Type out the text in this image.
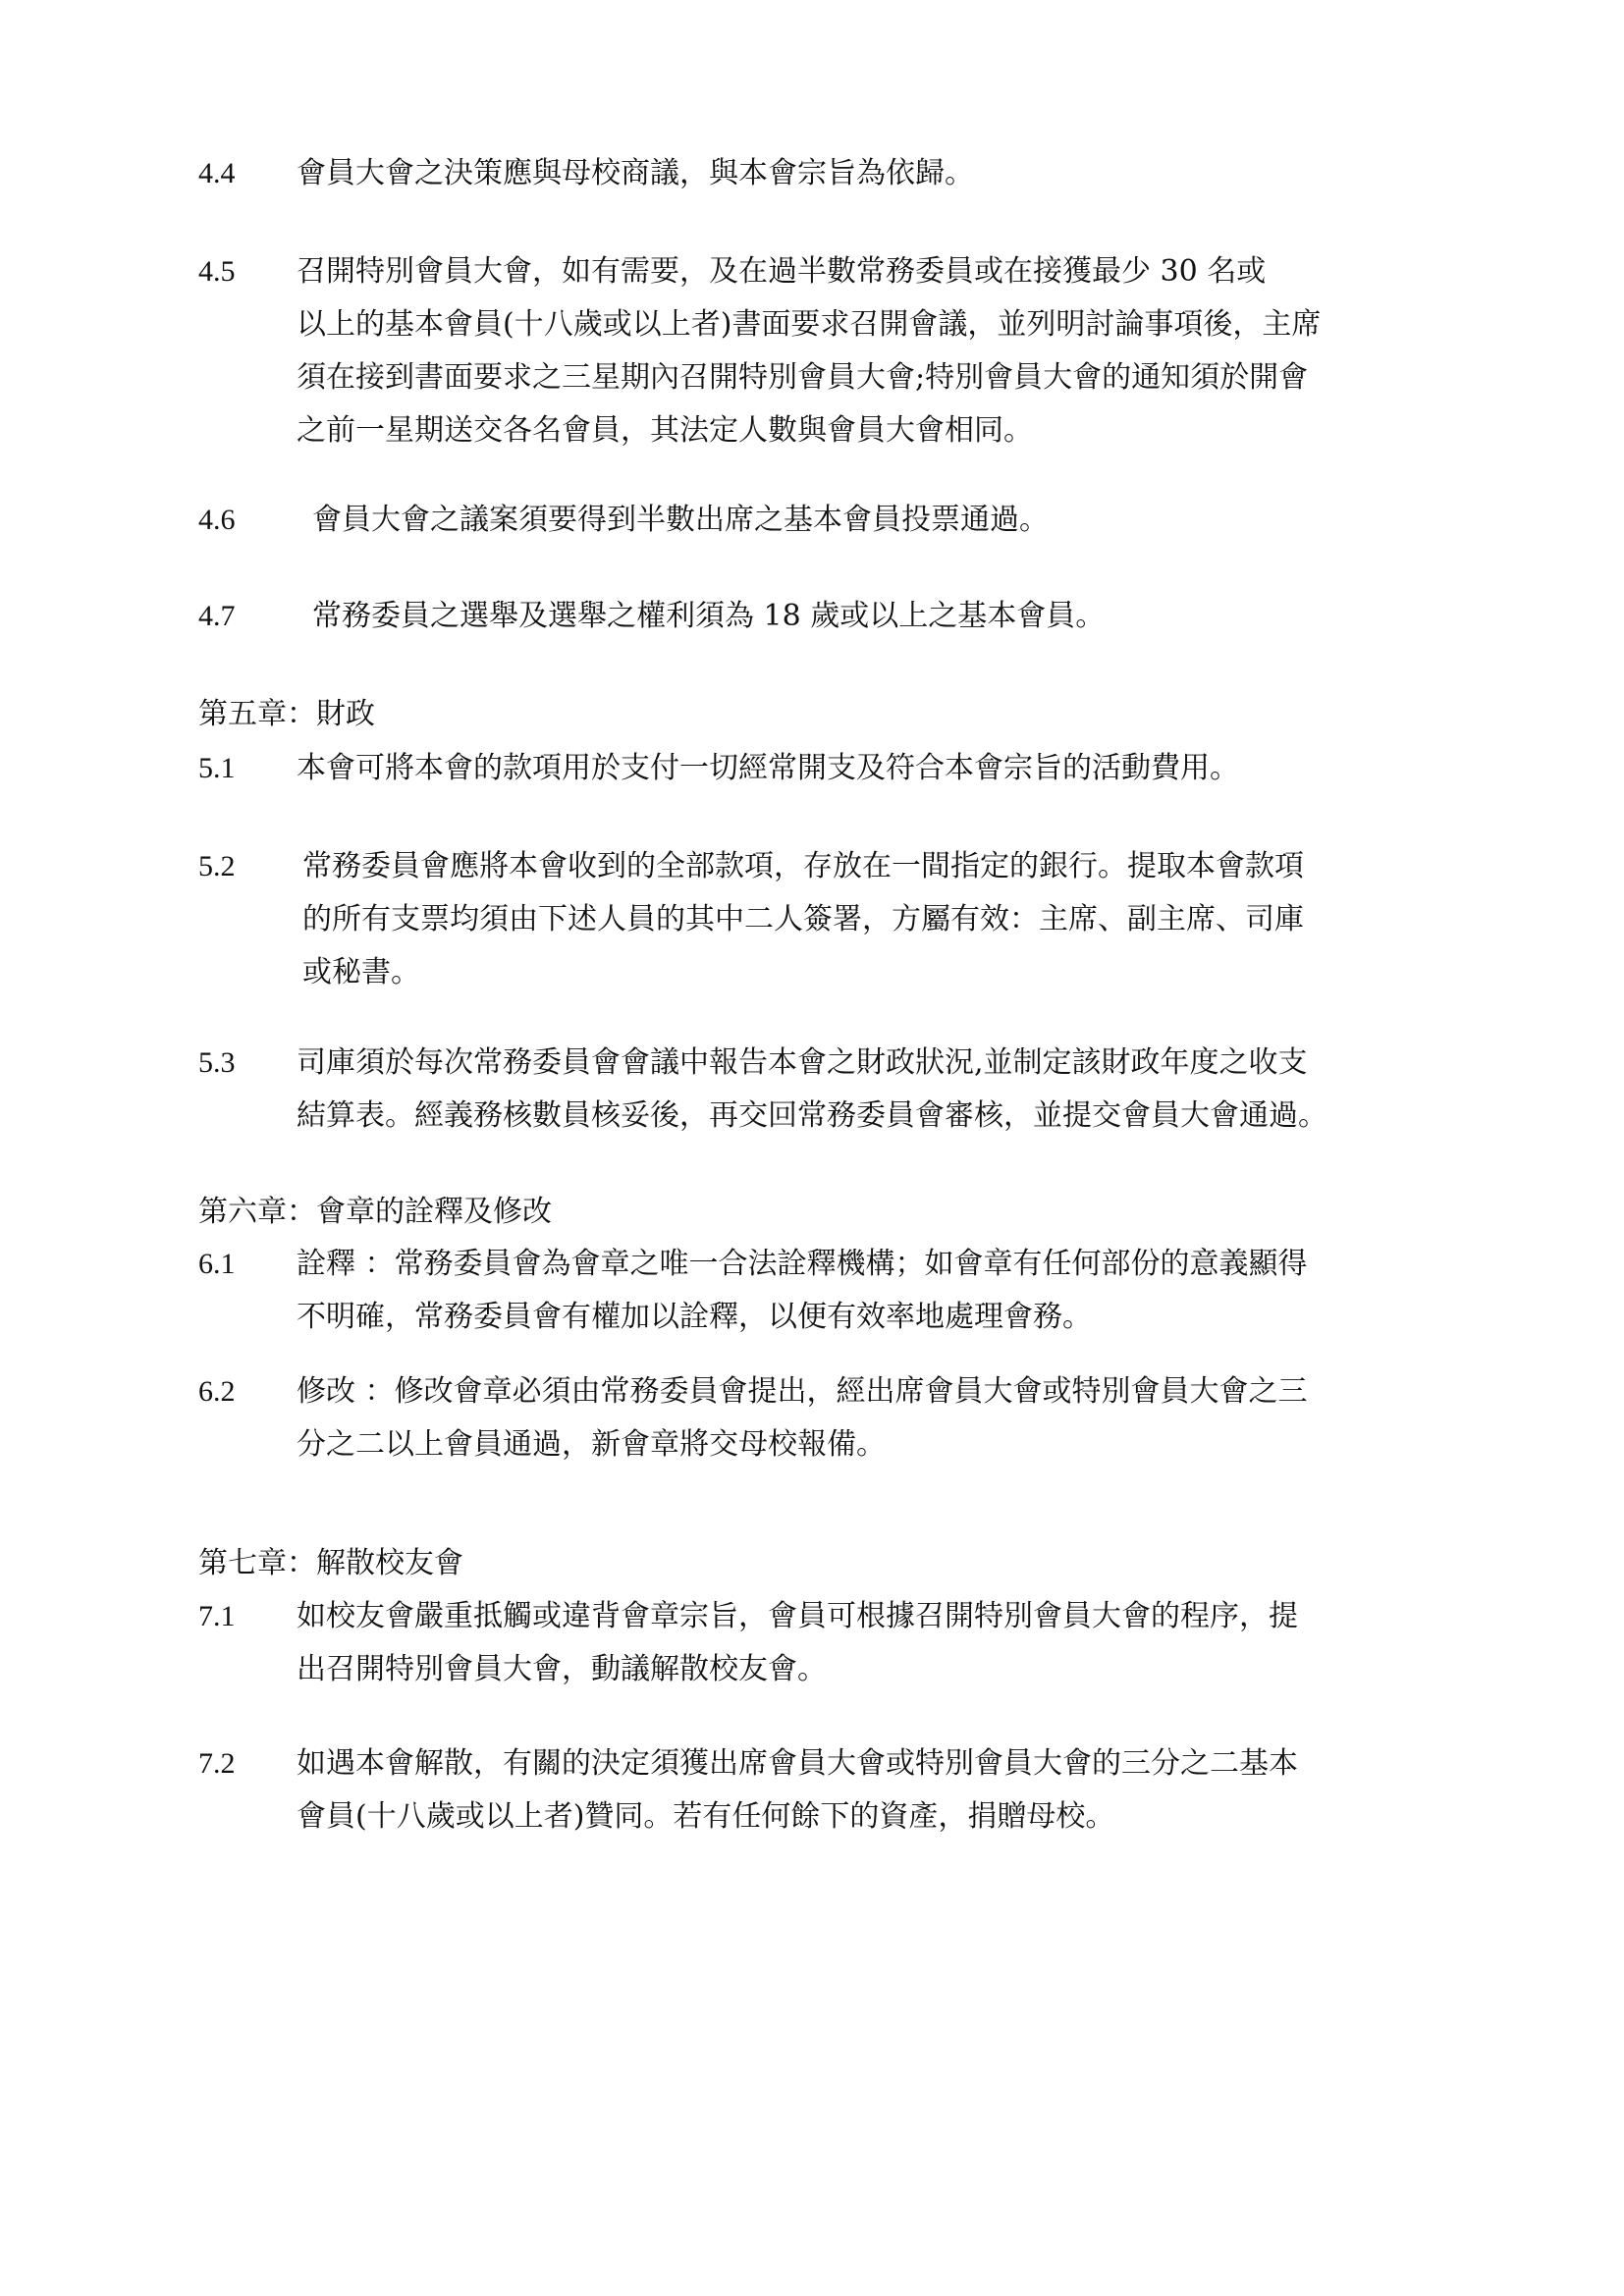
4.4 會員大會之決策應與母校商議，與本會宗旨為依歸。
4.5 召開特別會員大會，如有需要，及在過半數常務委員或在接獲最少 30 名或
以上的基本會員(十八歲或以上者)書面要求召開會議，並列明討論事項後，主席
須在接到書面要求之三星期內召開特別會員大會;特別會員大會的通知須於開會
之前一星期送交各名會員，其法定人數與會員大會相同。
4.6	會員大會之議案須要得到半數出席之基本會員投票通過。
4.7	常務委員之選舉及選舉之權利須為 18 歲或以上之基本會員。
第五章：財政
5.1 本會可將本會的款項用於支付一切經常開支及符合本會宗旨的活動費用。
5.2 常務委員會應將本會收到的全部款項，存放在一間指定的銀行。提取本會款項
的所有支票均須由下述人員的其中二人簽署，方屬有效：主席、副主席、司庫
或秘書。
5.3 司庫須於每次常務委員會會議中報告本會之財政狀況,並制定該財政年度之收支
結算表。經義務核數員核妥後，再交回常務委員會審核，並提交會員大會通過。
第六章：會章的詮釋及修改
6.1 詮釋 ：常務委員會為會章之唯一合法詮釋機構；如會章有任何部份的意義顯得
不明確，常務委員會有權加以詮釋，以便有效率地處理會務。
6.2 修改 ：修改會章必須由常務委員會提出，經出席會員大會或特別會員大會之三
分之二以上會員通過，新會章將交母校報備。
第七章：解散校友會
7.1 如校友會嚴重抵觸或違背會章宗旨，會員可根據召開特別會員大會的程序，提
出召開特別會員大會，動議解散校友會。
7.2 如遇本會解散，有關的決定須獲出席會員大會或特別會員大會的三分之二基本
會員(十八歲或以上者)贊同。若有任何餘下的資產，捐贈母校。
